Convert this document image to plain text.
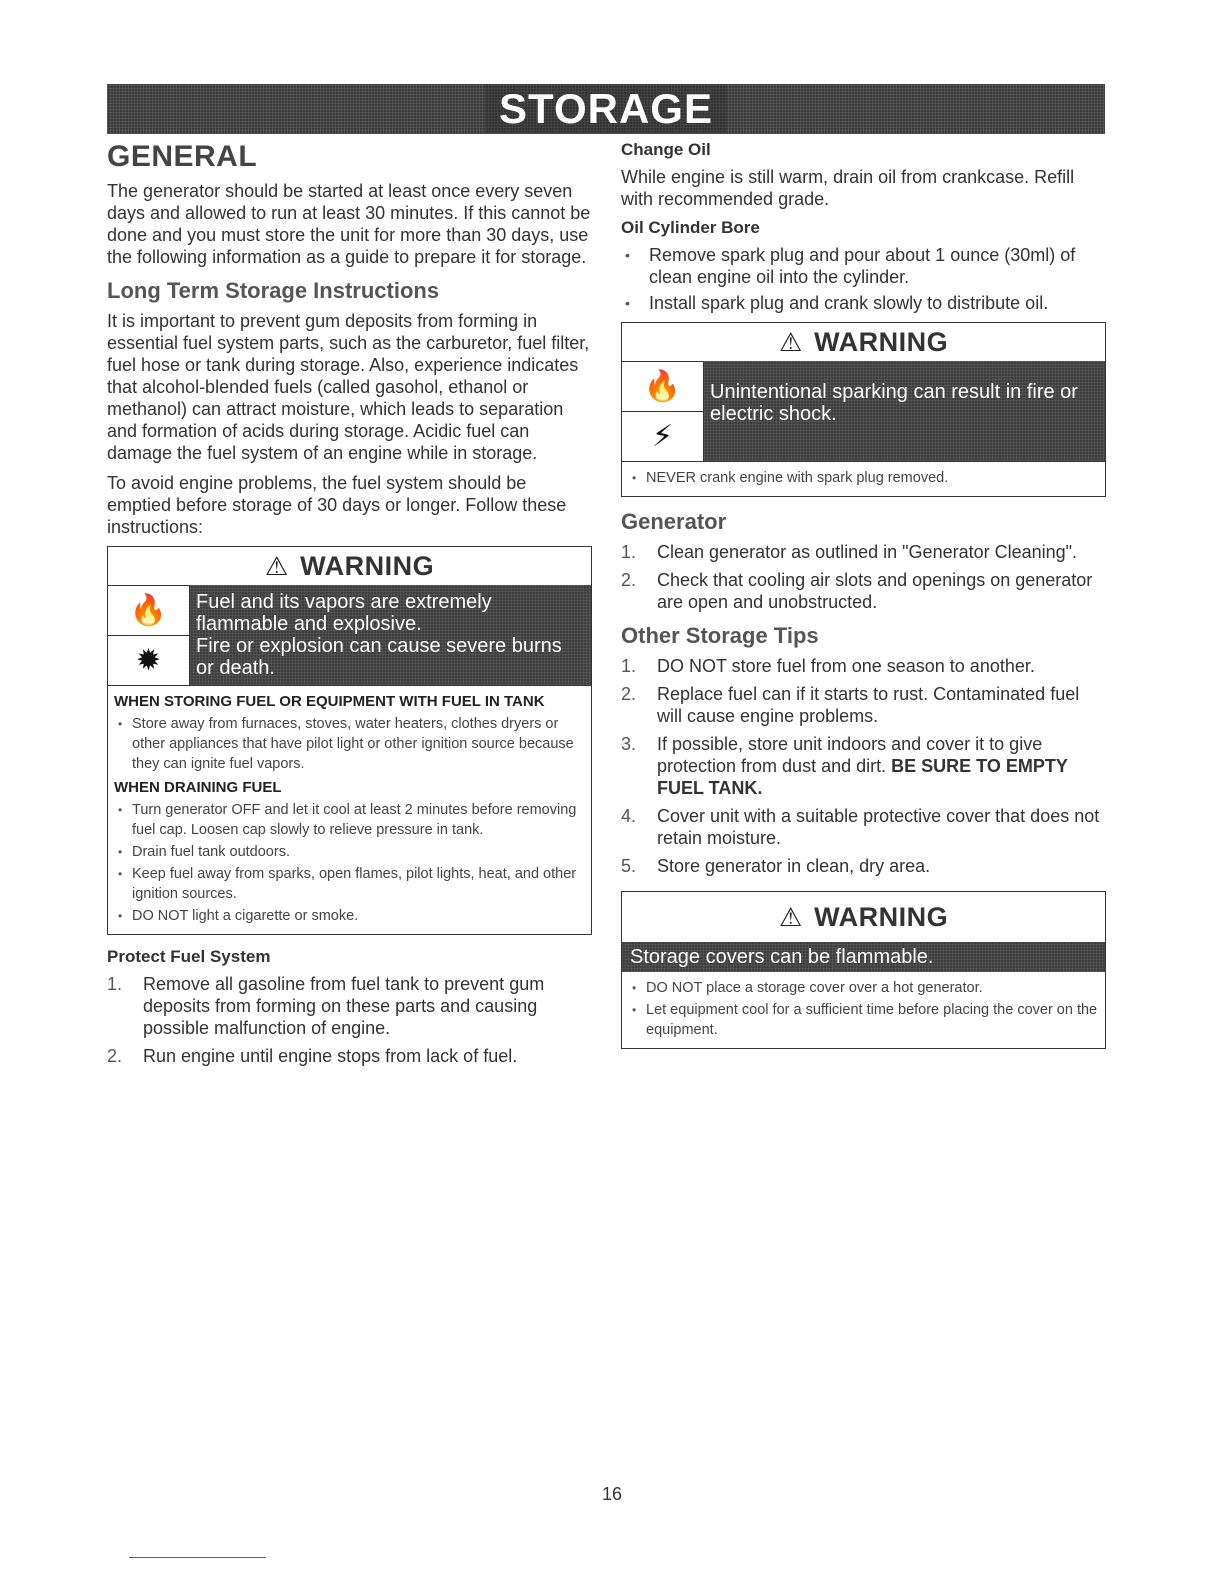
STORAGE
GENERAL

The generator should be started at least once every seven days and allowed to run at least 30 minutes. If this cannot be done and you must store the unit for more than 30 days, use the following information as a guide to prepare it for storage.

Long Term Storage Instructions

It is important to prevent gum deposits from forming in essential fuel system parts, such as the carburetor, fuel filter, fuel hose or tank during storage. Also, experience indicates that alcohol-blended fuels (called gasohol, ethanol or methanol) can attract moisture, which leads to separation and formation of acids during storage. Acidic fuel can damage the fuel system of an engine while in storage.

To avoid engine problems, the fuel system should be emptied before storage of 30 days or longer. Follow these instructions:

⚠ WARNING
🔥
✹
Fuel and its vapors are extremely flammable and explosive.
Fire or explosion can cause severe burns or death.
WHEN STORING FUEL OR EQUIPMENT WITH FUEL IN TANK
• Store away from furnaces, stoves, water heaters, clothes dryers or other appliances that have pilot light or other ignition source because they can ignite fuel vapors.
WHEN DRAINING FUEL
• Turn generator OFF and let it cool at least 2 minutes before removing fuel cap. Loosen cap slowly to relieve pressure in tank.
• Drain fuel tank outdoors.
• Keep fuel away from sparks, open flames, pilot lights, heat, and other ignition sources.
• DO NOT light a cigarette or smoke.
Protect Fuel System
1. Remove all gasoline from fuel tank to prevent gum deposits from forming on these parts and causing possible malfunction of engine.
2. Run engine until engine stops from lack of fuel.
Change Oil

While engine is still warm, drain oil from crankcase. Refill with recommended grade.

Oil Cylinder Bore
• Remove spark plug and pour about 1 ounce (30ml) of clean engine oil into the cylinder.
• Install spark plug and crank slowly to distribute oil.
⚠ WARNING
🔥
⚡
Unintentional sparking can result in fire or electric shock.
• NEVER crank engine with spark plug removed.
Generator
1. Clean generator as outlined in "Generator Cleaning".
2. Check that cooling air slots and openings on generator are open and unobstructed.
Other Storage Tips
1. DO NOT store fuel from one season to another.
2. Replace fuel can if it starts to rust. Contaminated fuel will cause engine problems.
3. If possible, store unit indoors and cover it to give protection from dust and dirt. BE SURE TO EMPTY FUEL TANK.
4. Cover unit with a suitable protective cover that does not retain moisture.
5. Store generator in clean, dry area.
⚠ WARNING
Storage covers can be flammable.
• DO NOT place a storage cover over a hot generator.
• Let equipment cool for a sufficient time before placing the cover on the equipment.
16
